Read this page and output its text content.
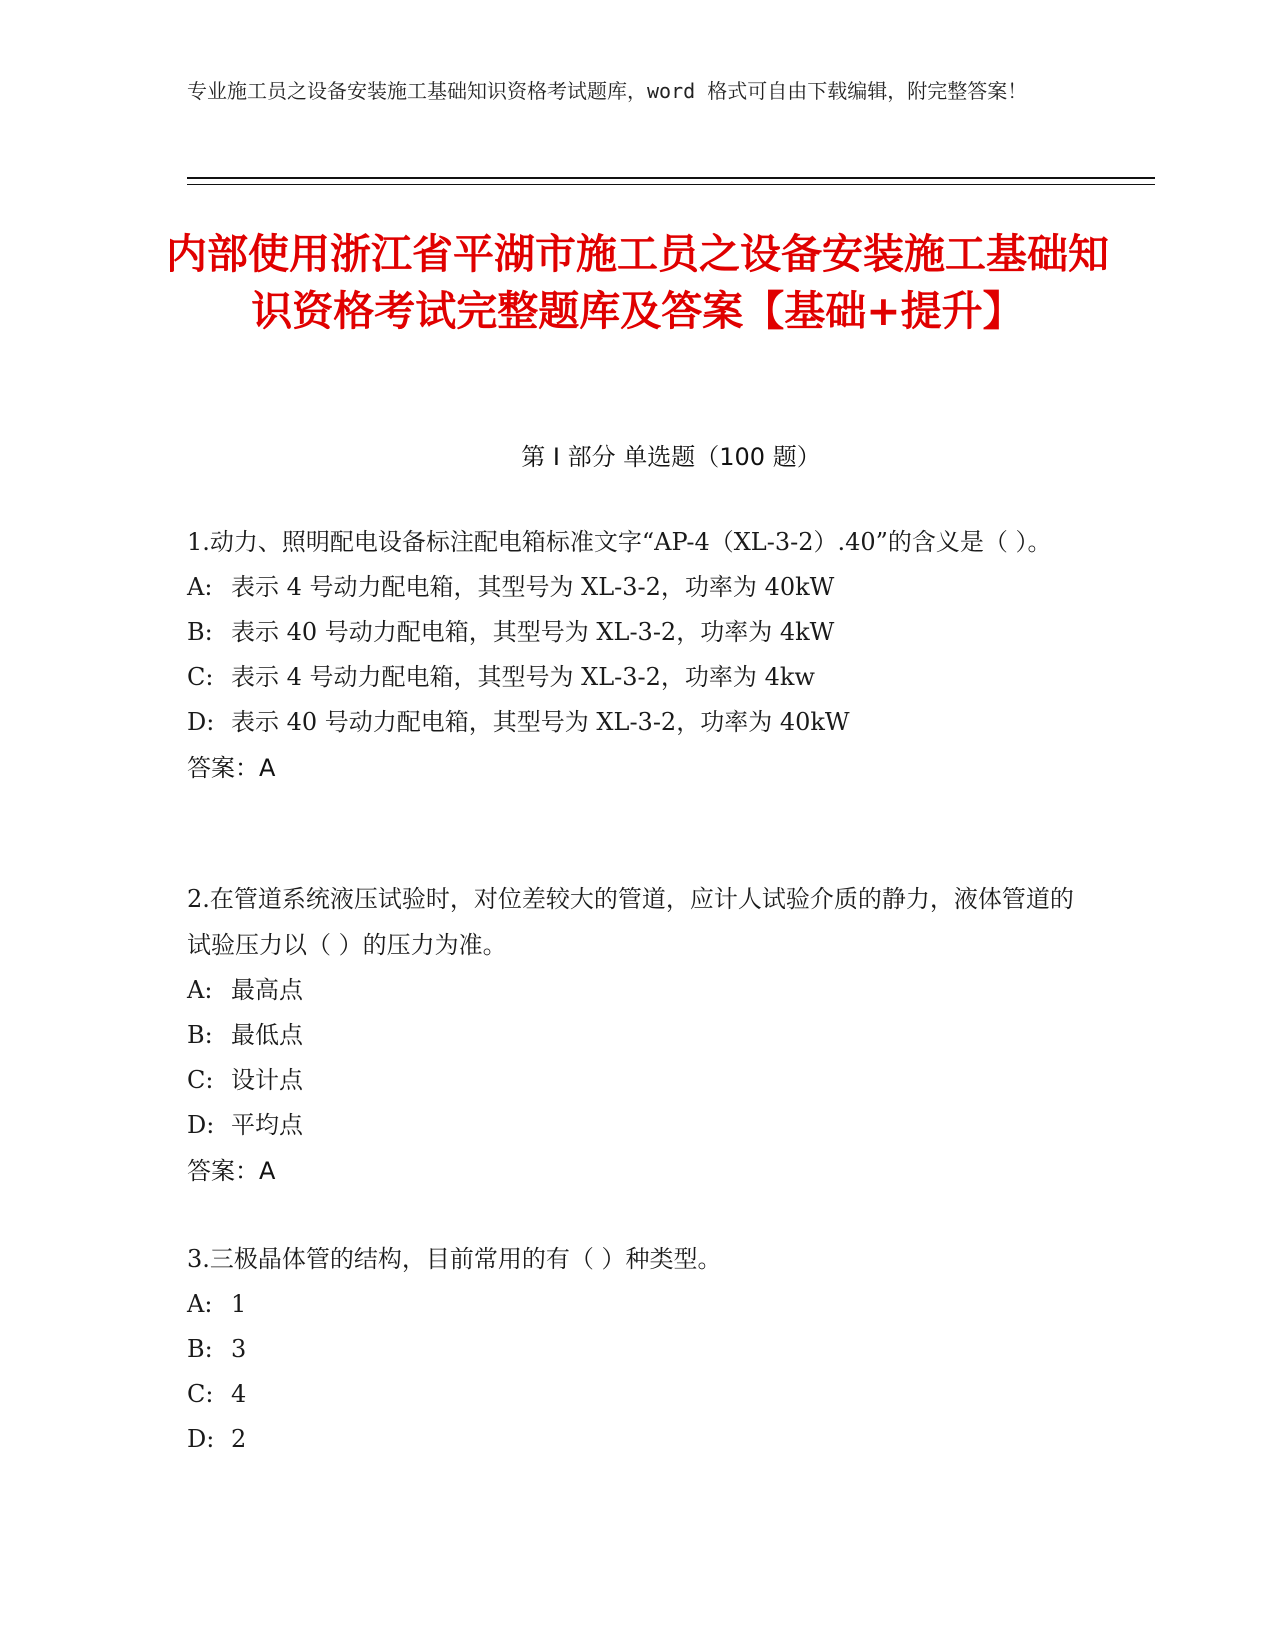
专业施工员之设备安装施工基础知识资格考试题库，word 格式可自由下载编辑，附完整答案！
内部使用浙江省平湖市施工员之设备安装施工基础知识资格考试完整题库及答案【基础+提升】
第 I 部分 单选题（100 题）

1.动力、照明配电设备标注配电箱标准文字“AP-4（XL-3-2）.40”的含义是（ ）。

A: 表示 4 号动力配电箱，其型号为 XL-3-2，功率为 40kW
B: 表示 40 号动力配电箱，其型号为 XL-3-2，功率为 4kW
C: 表示 4 号动力配电箱，其型号为 XL-3-2，功率为 4kw
D: 表示 40 号动力配电箱，其型号为 XL-3-2，功率为 40kW
答案：A

2.在管道系统液压试验时，对位差较大的管道，应计人试验介质的静力，液体管道的试验压力以（ ）的压力为准。

A: 最高点
B: 最低点
C: 设计点
D: 平均点
答案：A

3.三极晶体管的结构，目前常用的有（ ）种类型。

A: 1
B: 3
C: 4
D: 2
